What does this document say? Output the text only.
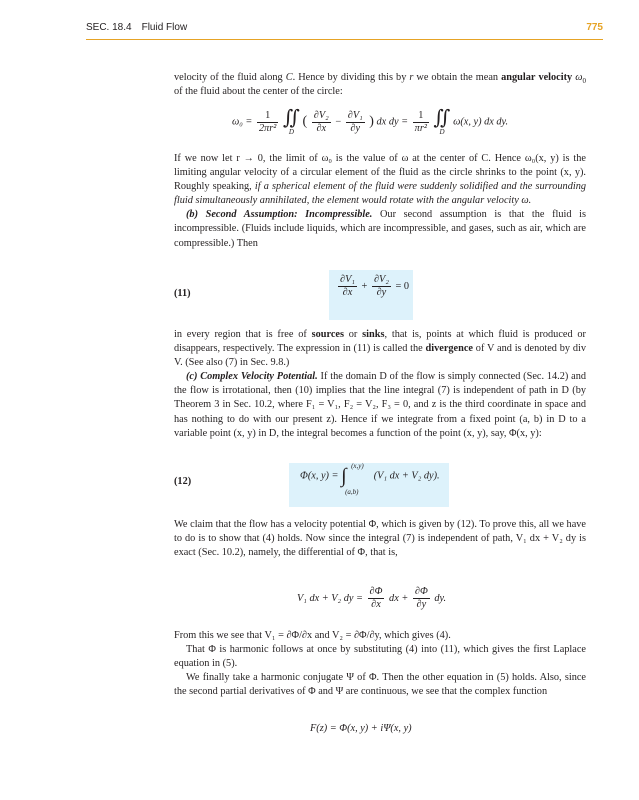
SEC. 18.4 Fluid Flow	775

velocity of the fluid along C. Hence by dividing this by r we obtain the mean angular velocity $\omega_0$ of the fluid about the center of the circle:

$\omega_0 = \frac{1}{\text{2πr²}}$ ∬
D
( $\frac{\text{∂V₂}}{\partial x} - \frac{\text{∂V₁}}{\partial y}$ ) dx dy = $\frac{1}{\text{πr²}}$ ∬
D
ω(x, y) dx dy.

If we now let r → 0, the limit of ω₀ is the value of ω at the center of C. Hence ω₀(x, y) is the limiting angular velocity of a circular element of the fluid as the circle shrinks to the point (x, y). Roughly speaking, if a spherical element of the fluid were suddenly solidified and the surrounding fluid simultaneously annihilated, the element would rotate with the angular velocity ω.

(b) Second Assumption: Incompressible. Our second assumption is that the fluid is incompressible. (Fluids include liquids, which are incompressible, and gases, such as air, which are compressible.) Then

(11)	$\frac{\text{∂V₁}}{\partial x} + \frac{\text{∂V₂}}{\partial y} = 0$

in every region that is free of sources or sinks, that is, points at which fluid is produced or disappears, respectively. The expression in (11) is called the divergence of V and is denoted by div V. (See also (7) in Sec. 9.8.)

(c) Complex Velocity Potential. If the domain D of the flow is simply connected (Sec. 14.2) and the flow is irrotational, then (10) implies that the line integral (7) is independent of path in D (by Theorem 3 in Sec. 10.2, where F₁ = V₁, F₂ = V₂, F₃ = 0, and z is the third coordinate in space and has nothing to do with our present z). Hence if we integrate from a fixed point (a, b) in D to a variable point (x, y) in D, the integral becomes a function of the point (x, y), say, Φ(x, y):

(12)
Φ(x, y) = ∫ (x,y)
(a,b)
(V₁ dx + V₂ dy).

We claim that the flow has a velocity potential Φ, which is given by (12). To prove this, all we have to do is to show that (4) holds. Now since the integral (7) is independent of path, V₁ dx + V₂ dy is exact (Sec. 10.2), namely, the differential of Φ, that is,

V₁ dx + V₂ dy = $\frac{\partial\Phi}{\partial x}$ dx + $\frac{\partial\Phi}{\partial y}$ dy.

From this we see that V₁ = ∂Φ/∂x and V₂ = ∂Φ/∂y, which gives (4).

That Φ is harmonic follows at once by substituting (4) into (11), which gives the first Laplace equation in (5).

We finally take a harmonic conjugate Ψ of Φ. Then the other equation in (5) holds. Also, since the second partial derivatives of Φ and Ψ are continuous, we see that the complex function

F(z) = Φ(x, y) + iΨ(x, y)
